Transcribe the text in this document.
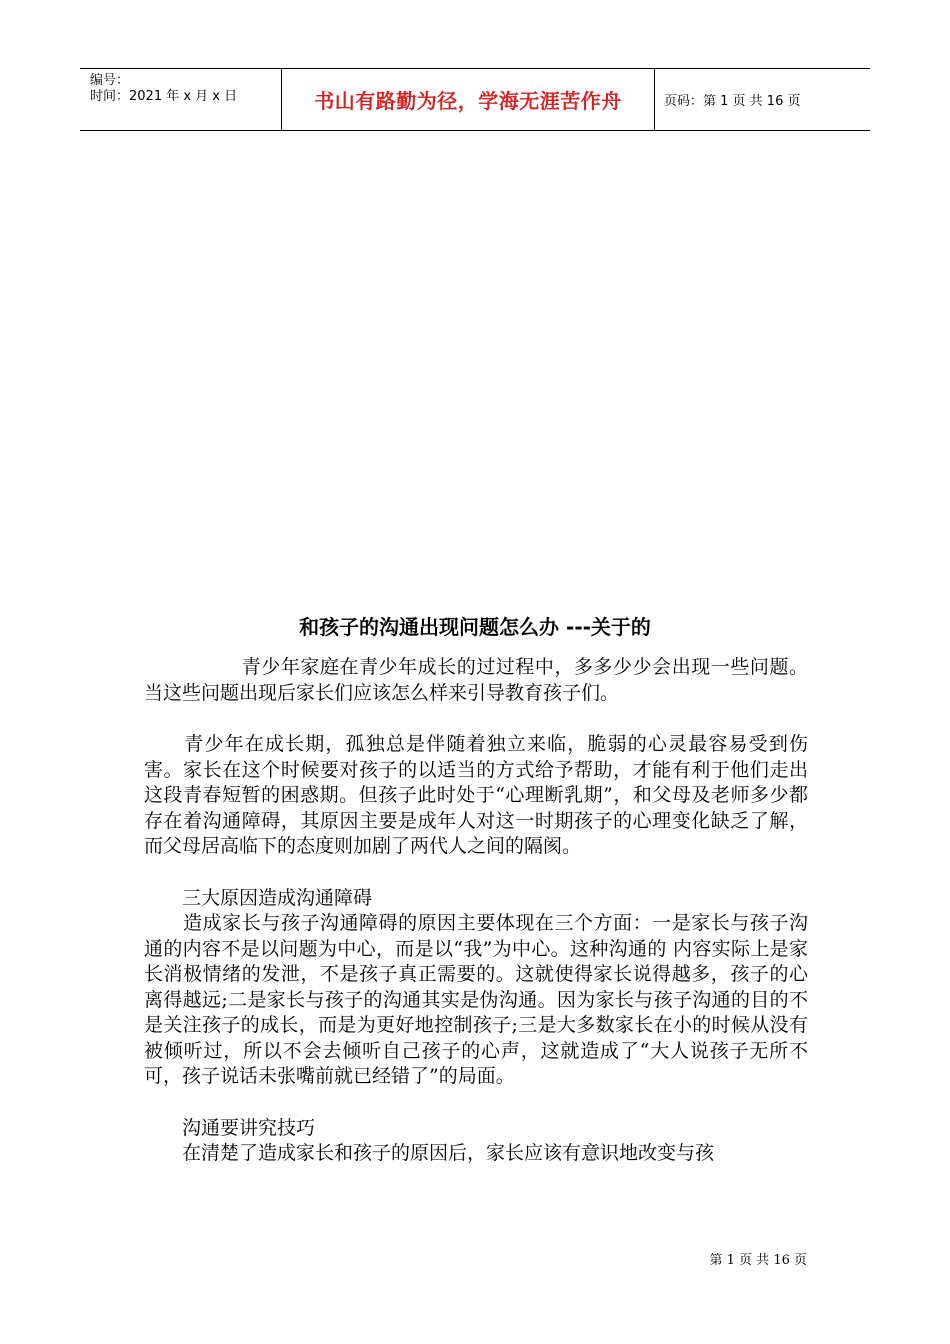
编号：
时间：2021 年 x 月 x 日	书山有路勤为径，学海无涯苦作舟	页码：第 1 页 共 16 页
和孩子的沟通出现问题怎么办 ---关于的

　　　　　青少年家庭在青少年成长的过过程中，多多少少会出现一些问题。当这些问题出现后家长们应该怎么样来引导教育孩子们。

　　青少年在成长期，孤独总是伴随着独立来临，脆弱的心灵最容易受到伤害。家长在这个时候要对孩子的以适当的方式给予帮助，才能有利于他们走出这段青春短暂的困惑期。但孩子此时处于“心理断乳期”，和父母及老师多少都存在着沟通障碍，其原因主要是成年人对这一时期孩子的心理变化缺乏了解，而父母居高临下的态度则加剧了两代人之间的隔阂。

　　三大原因造成沟通障碍

　　造成家长与孩子沟通障碍的原因主要体现在三个方面：一是家长与孩子沟通的内容不是以问题为中心，而是以“我”为中心。这种沟通的 内容实际上是家长消极情绪的发泄，不是孩子真正需要的。这就使得家长说得越多，孩子的心离得越远;二是家长与孩子的沟通其实是伪沟通。因为家长与孩子沟通的目的不是关注孩子的成长，而是为更好地控制孩子;三是大多数家长在小的时候从没有被倾听过，所以不会去倾听自己孩子的心声，这就造成了“大人说孩子无所不可，孩子说话未张嘴前就已经错了”的局面。

　　沟通要讲究技巧

　　在清楚了造成家长和孩子的原因后，家长应该有意识地改变与孩

第 1 页 共 16 页
